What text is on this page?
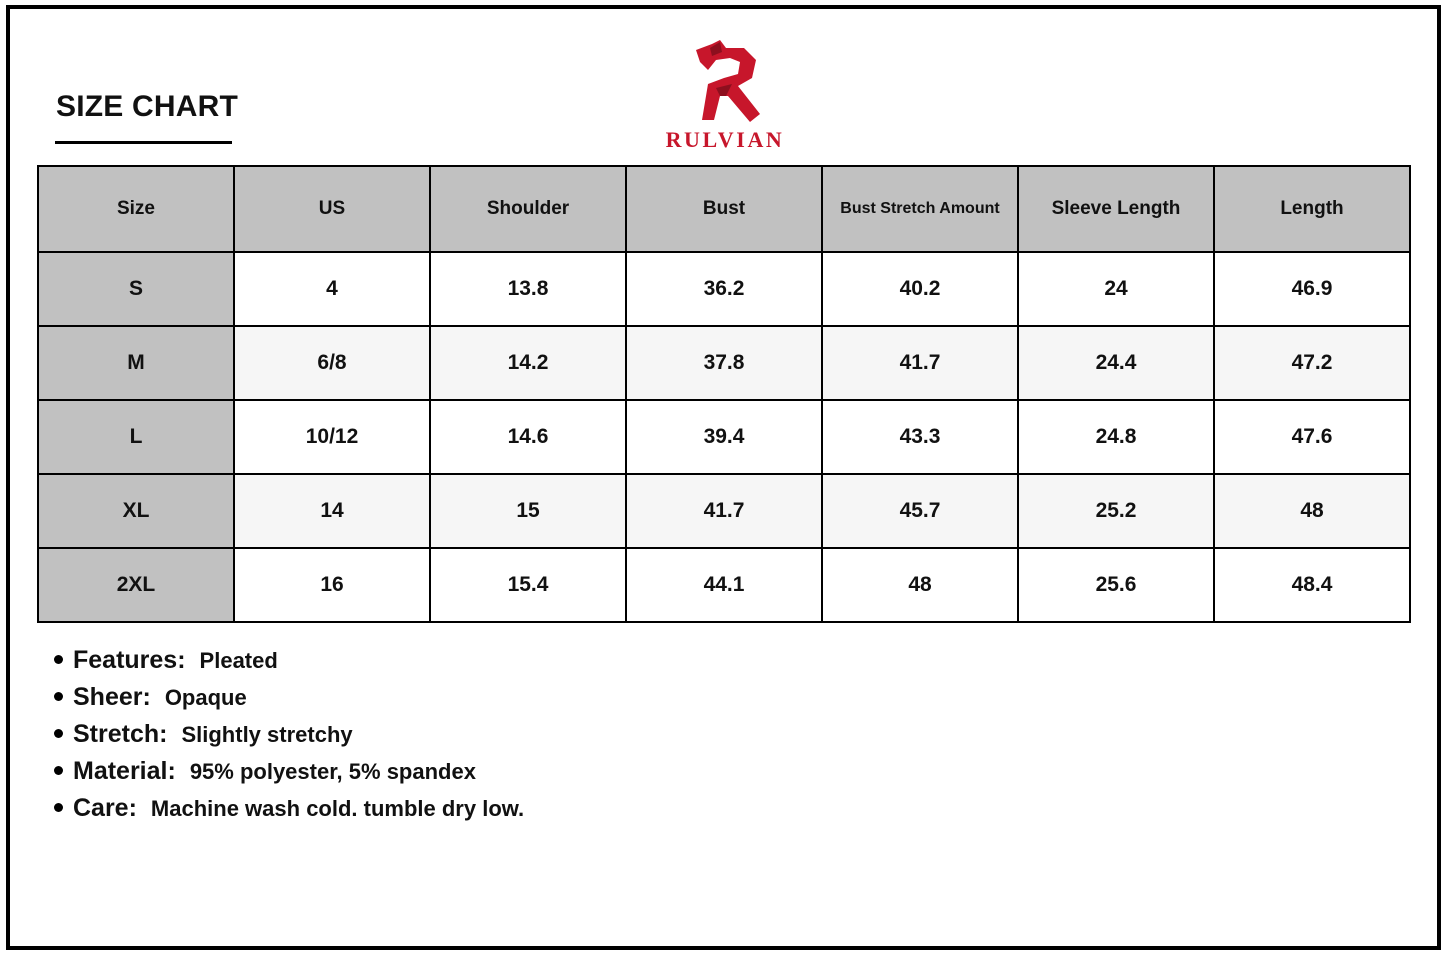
SIZE CHART
RULVIAN
Size	US	Shoulder	Bust	Bust Stretch Amount	Sleeve Length	Length
S	4	13.8	36.2	40.2	24	46.9
M	6/8	14.2	37.8	41.7	24.4	47.2
L	10/12	14.6	39.4	43.3	24.8	47.6
XL	14	15	41.7	45.7	25.2	48
2XL	16	15.4	44.1	48	25.6	48.4
Features: Pleated
Sheer: Opaque
Stretch: Slightly stretchy
Material: 95% polyester, 5% spandex
Care: Machine wash cold. tumble dry low.
